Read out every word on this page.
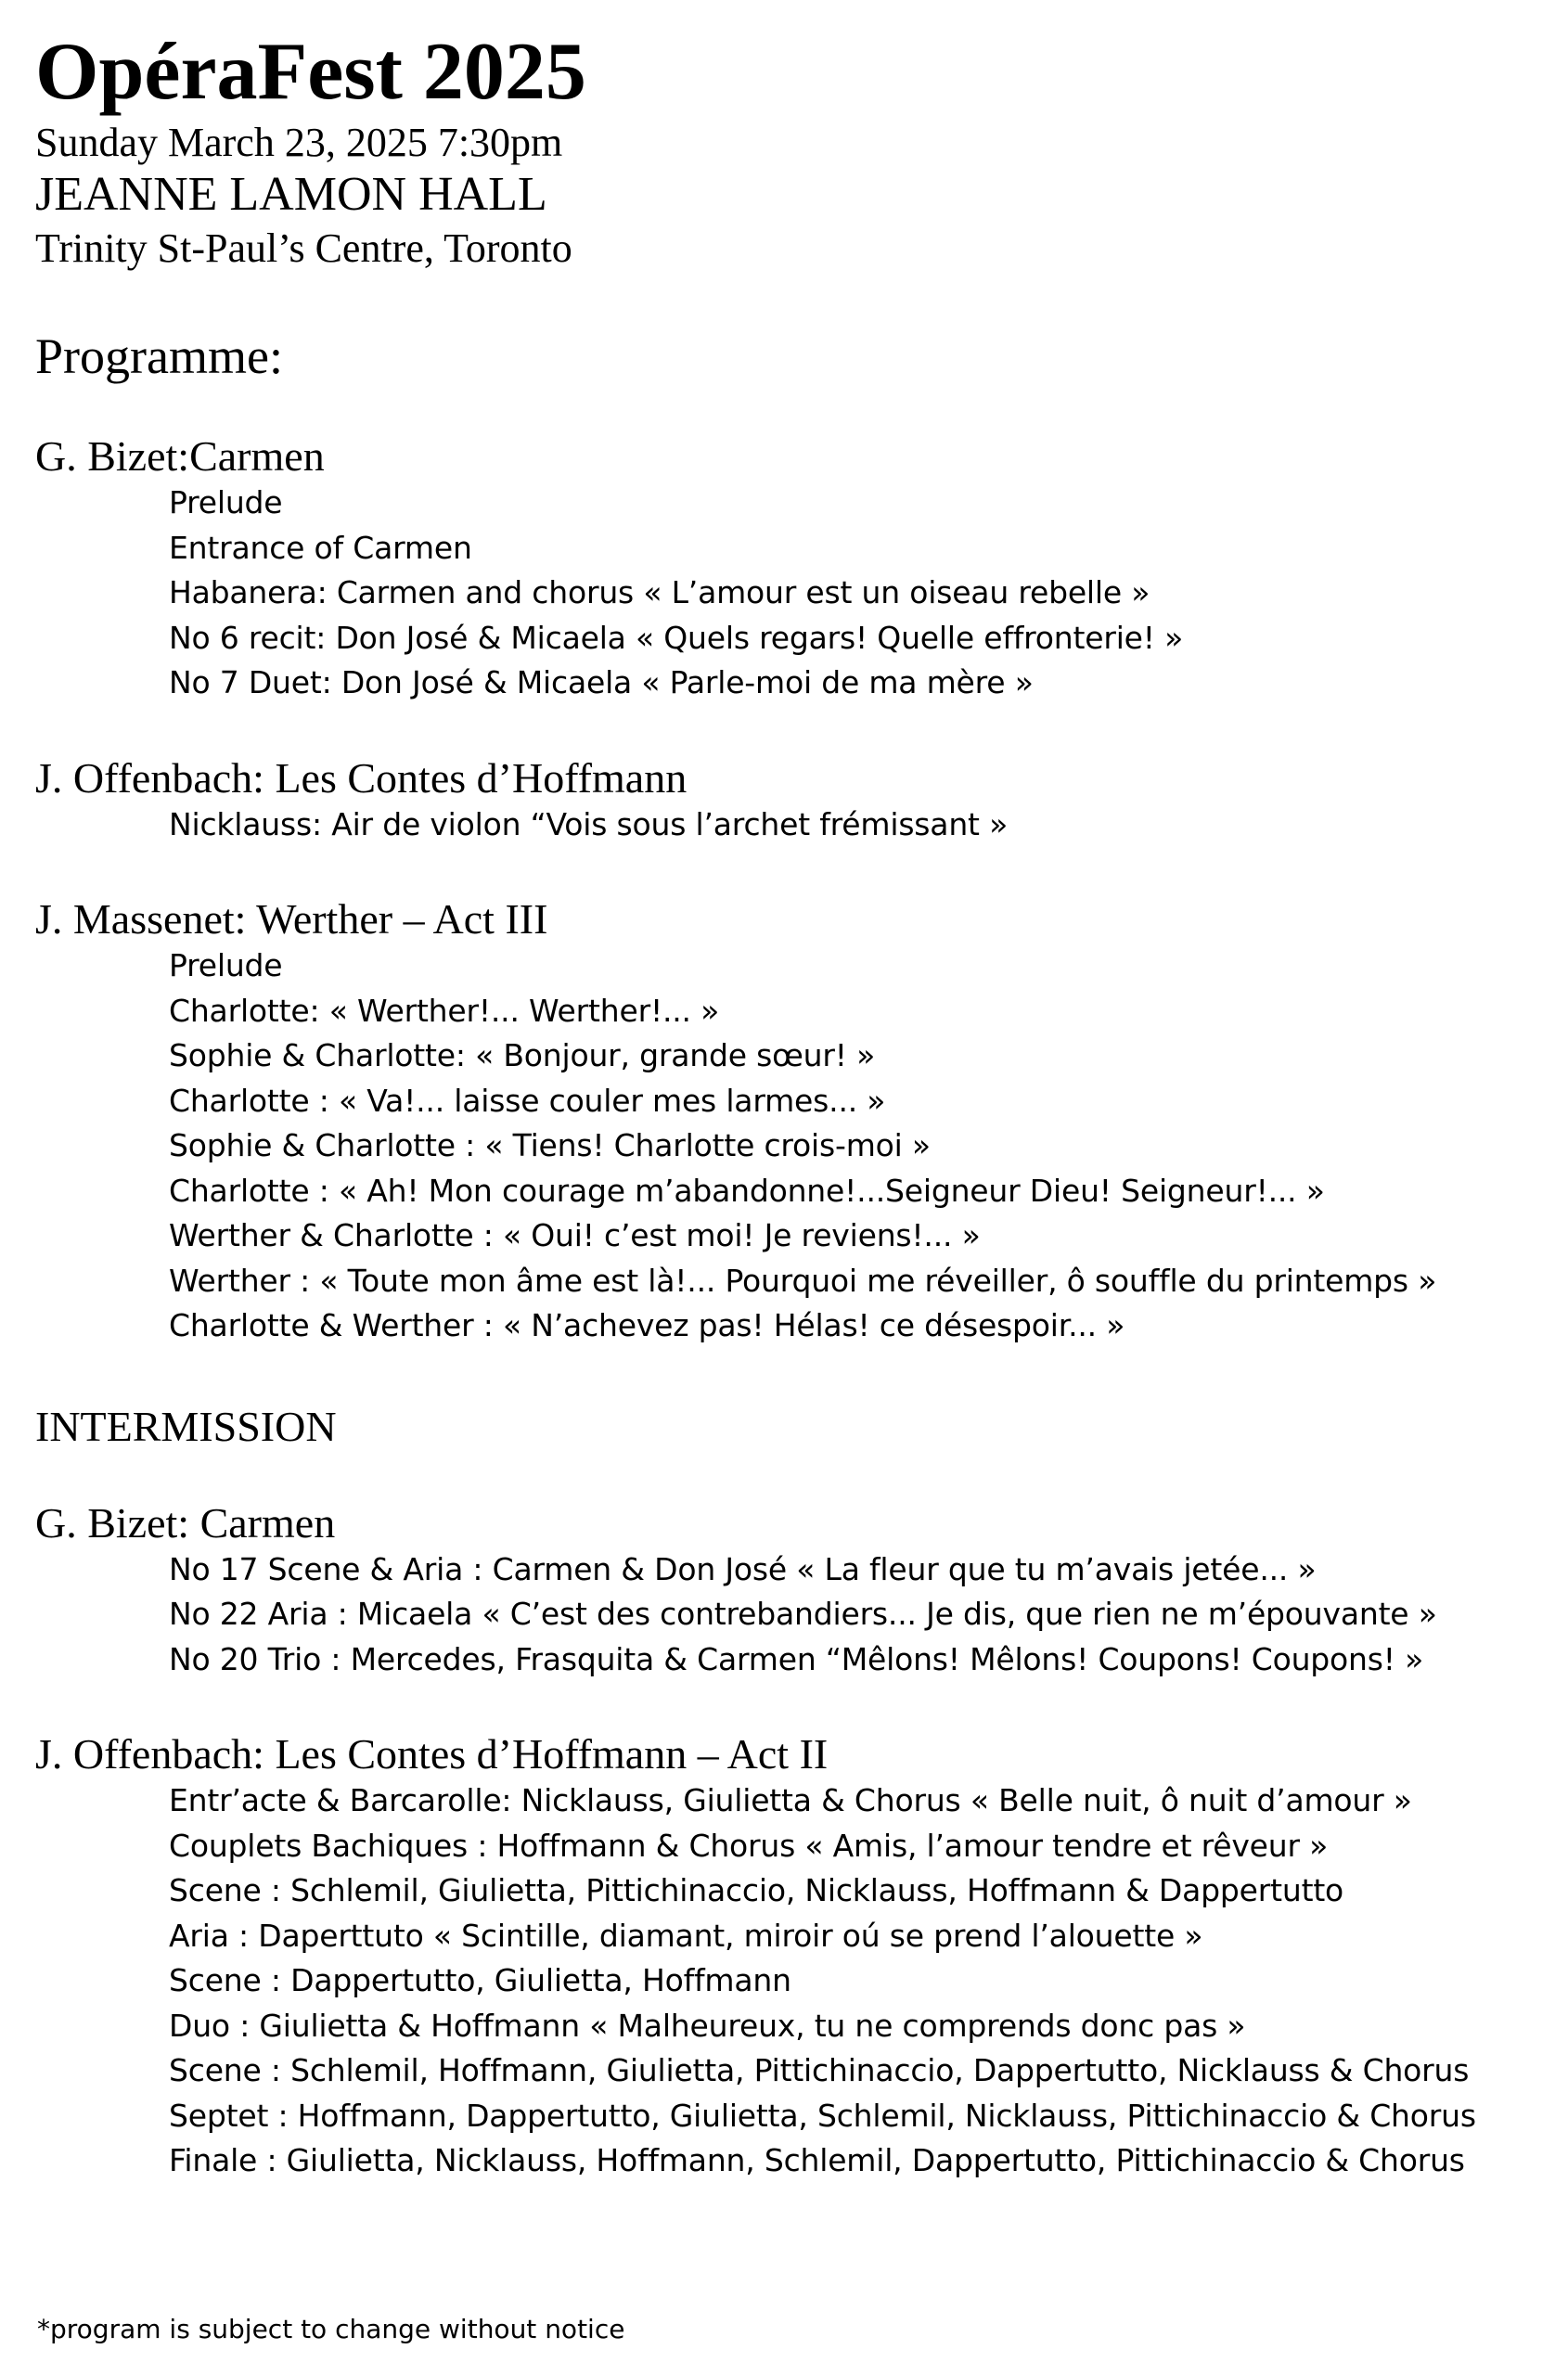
OpéraFest 2025
Sunday March 23, 2025 7:30pm
JEANNE LAMON HALL
Trinity St-Paul’s Centre, Toronto
Programme:
G. Bizet:Carmen
Prelude
Entrance of Carmen
Habanera: Carmen and chorus « L’amour est un oiseau rebelle »
No 6 recit: Don José & Micaela « Quels regars! Quelle effronterie! »
No 7 Duet: Don José & Micaela « Parle-moi de ma mère »
J. Offenbach: Les Contes d’Hoffmann
Nicklauss: Air de violon “Vois sous l’archet frémissant »
J. Massenet: Werther – Act III
Prelude
Charlotte: « Werther!... Werther!... »
Sophie & Charlotte: « Bonjour, grande sœur! »
Charlotte : « Va!... laisse couler mes larmes... »
Sophie & Charlotte : « Tiens! Charlotte crois-moi »
Charlotte : « Ah! Mon courage m’abandonne!...Seigneur Dieu! Seigneur!... »
Werther & Charlotte : « Oui! c’est moi! Je reviens!... »
Werther : « Toute mon âme est là!... Pourquoi me réveiller, ô souffle du printemps »
Charlotte & Werther : « N’achevez pas! Hélas! ce désespoir... »
INTERMISSION
G. Bizet: Carmen
No 17 Scene & Aria : Carmen & Don José « La fleur que tu m’avais jetée... »
No 22 Aria : Micaela « C’est des contrebandiers... Je dis, que rien ne m’épouvante »
No 20 Trio : Mercedes, Frasquita & Carmen “Mêlons! Mêlons! Coupons! Coupons! »
J. Offenbach: Les Contes d’Hoffmann – Act II
Entr’acte & Barcarolle: Nicklauss, Giulietta & Chorus « Belle nuit, ô nuit d’amour »
Couplets Bachiques : Hoffmann & Chorus « Amis, l’amour tendre et rêveur »
Scene : Schlemil, Giulietta, Pittichinaccio, Nicklauss, Hoffmann & Dappertutto
Aria : Daperttuto « Scintille, diamant, miroir oú se prend l’alouette »
Scene : Dappertutto, Giulietta, Hoffmann
Duo : Giulietta & Hoffmann « Malheureux, tu ne comprends donc pas »
Scene : Schlemil, Hoffmann, Giulietta, Pittichinaccio, Dappertutto, Nicklauss & Chorus
Septet : Hoffmann, Dappertutto, Giulietta, Schlemil, Nicklauss, Pittichinaccio & Chorus
Finale : Giulietta, Nicklauss, Hoffmann, Schlemil, Dappertutto, Pittichinaccio & Chorus
*program is subject to change without notice
